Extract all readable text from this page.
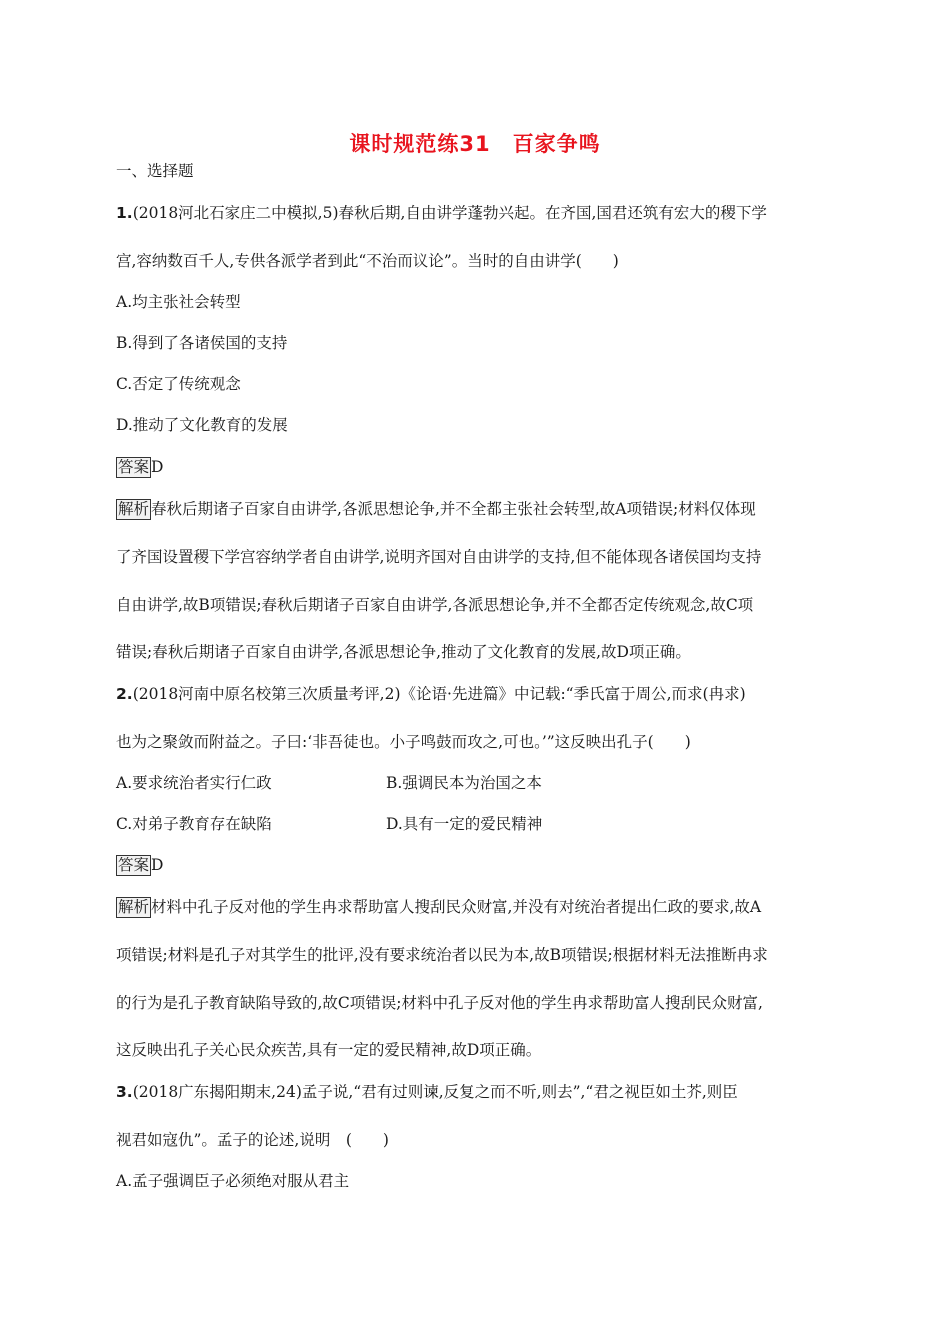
课时规范练31　百家争鸣
一、选择题
1.(2018河北石家庄二中模拟,5)春秋后期,自由讲学蓬勃兴起。在齐国,国君还筑有宏大的稷下学
宫,容纳数百千人,专供各派学者到此“不治而议论”。当时的自由讲学(　　)
A.均主张社会转型
B.得到了各诸侯国的支持
C.否定了传统观念
D.推动了文化教育的发展
答案 D
解析 春秋后期诸子百家自由讲学,各派思想论争,并不全都主张社会转型,故A项错误;材料仅体现
了齐国设置稷下学宫容纳学者自由讲学,说明齐国对自由讲学的支持,但不能体现各诸侯国均支持
自由讲学,故B项错误;春秋后期诸子百家自由讲学,各派思想论争,并不全都否定传统观念,故C项
错误;春秋后期诸子百家自由讲学,各派思想论争,推动了文化教育的发展,故D项正确。
2.(2018河南中原名校第三次质量考评,2)《论语·先进篇》中记载:“季氏富于周公,而求(冉求)
也为之聚敛而附益之。子曰:‘非吾徒也。小子鸣鼓而攻之,可也。’”这反映出孔子(　　)
A.要求统治者实行仁政	B.强调民本为治国之本
C.对弟子教育存在缺陷	D.具有一定的爱民精神
答案 D
解析 材料中孔子反对他的学生冉求帮助富人搜刮民众财富,并没有对统治者提出仁政的要求,故A
项错误;材料是孔子对其学生的批评,没有要求统治者以民为本,故B项错误;根据材料无法推断冉求
的行为是孔子教育缺陷导致的,故C项错误;材料中孔子反对他的学生冉求帮助富人搜刮民众财富,
这反映出孔子关心民众疾苦,具有一定的爱民精神,故D项正确。
3.(2018广东揭阳期末,24)孟子说,“君有过则谏,反复之而不听,则去”,“君之视臣如土芥,则臣
视君如寇仇”。孟子的论述,说明　(　　)
A.孟子强调臣子必须绝对服从君主
